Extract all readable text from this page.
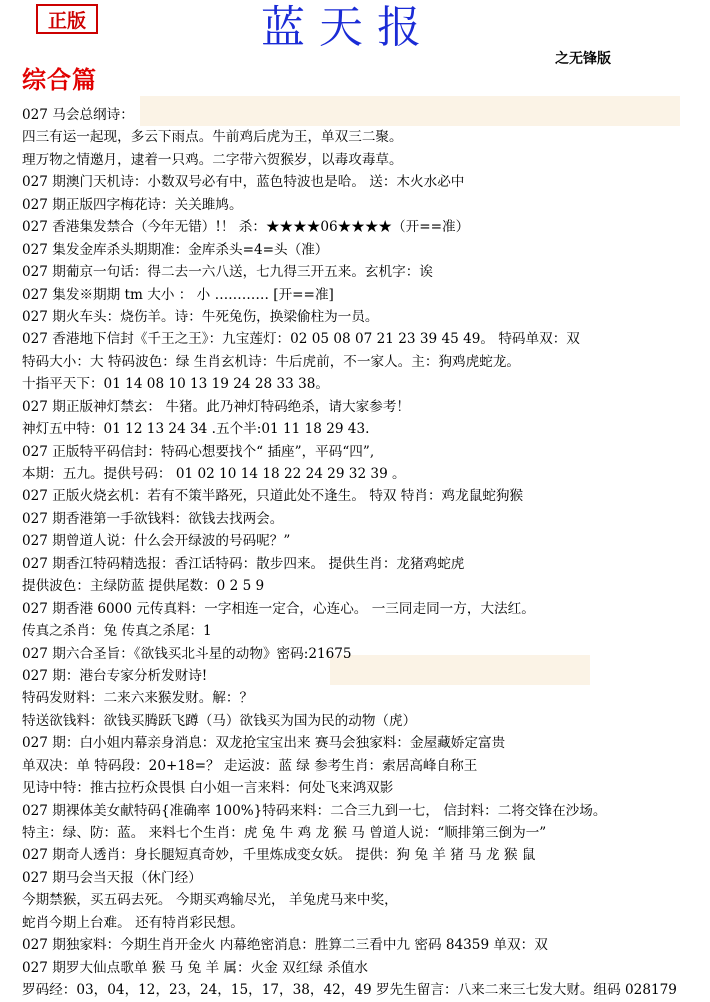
正版	蓝天报
之无锋版
综合篇
027 马会总纲诗：
四三有运一起现，多云下雨点。牛前鸡后虎为王，单双三二聚。
理万物之情邀月，逮着一只鸡。二字带六贺猴岁，以毒攻毒草。
027 期澳门天机诗：小数双号必有中，蓝色特波也是哈。 送：木火水必中
027 期正版四字梅花诗：关关雎鸠。
027 香港集发禁合（今年无错）!！ 杀：★★★★06★★★★（开==准）
027 集发金库杀头期期准：金库杀头=4=头（准）
027 期葡京一句话：得二去一六八送，七九得三开五来。玄机字：诶
027 集发※期期 tm 大小 ： 小 ………… [开==准]
027 期火车头：烧伤羊。诗：牛死兔伤，换梁偷柱为一员。
027 香港地下信封《千王之王》：九宝莲灯：02 05 08 07 21 23 39 45 49。 特码单双：双
特码大小：大 特码波色：绿 生肖玄机诗：牛后虎前，不一家人。主：狗鸡虎蛇龙。
十指平天下：01 14 08 10 13 19 24 28 33 38。
027 期正版神灯禁玄： 牛猪。此乃神灯特码绝杀，请大家参考！
神灯五中特：01 12 13 24 34 .五个半:01 11 18 29 43.
027 正版特平码信封：特码心想要找个“ 插座”，平码“四”,
本期：五九。提供号码： 01 02 10 14 18 22 24 29 32 39 。
027 正版火烧玄机：若有不策半路死，只道此处不逢生。 特双 特肖：鸡龙鼠蛇狗猴
027 期香港第一手欲钱料：欲钱去找两会。
027 期曾道人说：什么会开绿波的号码呢？”
027 期香江特码精选报：香江话特码：散步四来。 提供生肖：龙猪鸡蛇虎
提供波色：主绿防蓝 提供尾数：0 2 5 9
027 期香港 6000 元传真料：一字相连一定合，心连心。 一三同走同一方，大法红。
传真之杀肖：兔 传真之杀尾：1
027 期六合圣旨：《欲钱买北斗星的动物》密码:21675
027 期：港台专家分析发财诗!
特码发财料：二来六来猴发财。解：？
特送欲钱料：欲钱买腾跃飞蹲（马）欲钱买为国为民的动物（虎）
027 期：白小姐内幕亲身消息：双龙抢宝宝出来 赛马会独家料：金屋藏娇定富贵
单双决：单 特码段：20+18=？ 走运波：蓝 绿 参考生肖：索居高峰自称王
见诗中特：推古拉朽众畏惧 白小姐一言来料：何处飞来鸿双影
027 期裸体美女献特码{准确率 100%}特码来料：二合三九到一七， 信封料：二将交锋在沙场。
特主：绿、防：蓝。 来料七个生肖：虎 兔 牛 鸡 龙 猴 马 曾道人说：“顺排第三倒为一”
027 期奇人透肖：身长腿短真奇妙，千里炼成变女妖。 提供：狗 兔 羊 猪 马 龙 猴 鼠
027 期马会当天报（休门经）
今期禁猴，买五码去死。 今期买鸡输尽光， 羊兔虎马来中奖，
蛇肖今期上台难。 还有特肖彩民想。
027 期独家料：今期生肖开金火 内幕绝密消息：胜算二三看中九 密码 84359 单双：双
027 期罗大仙点歌单 猴 马 兔 羊 属：火金 双红绿 杀值水
罗码经：03，04，12，23，24，15，17，38，42，49 罗先生留言：八来二来三七发大财。组码 028179
